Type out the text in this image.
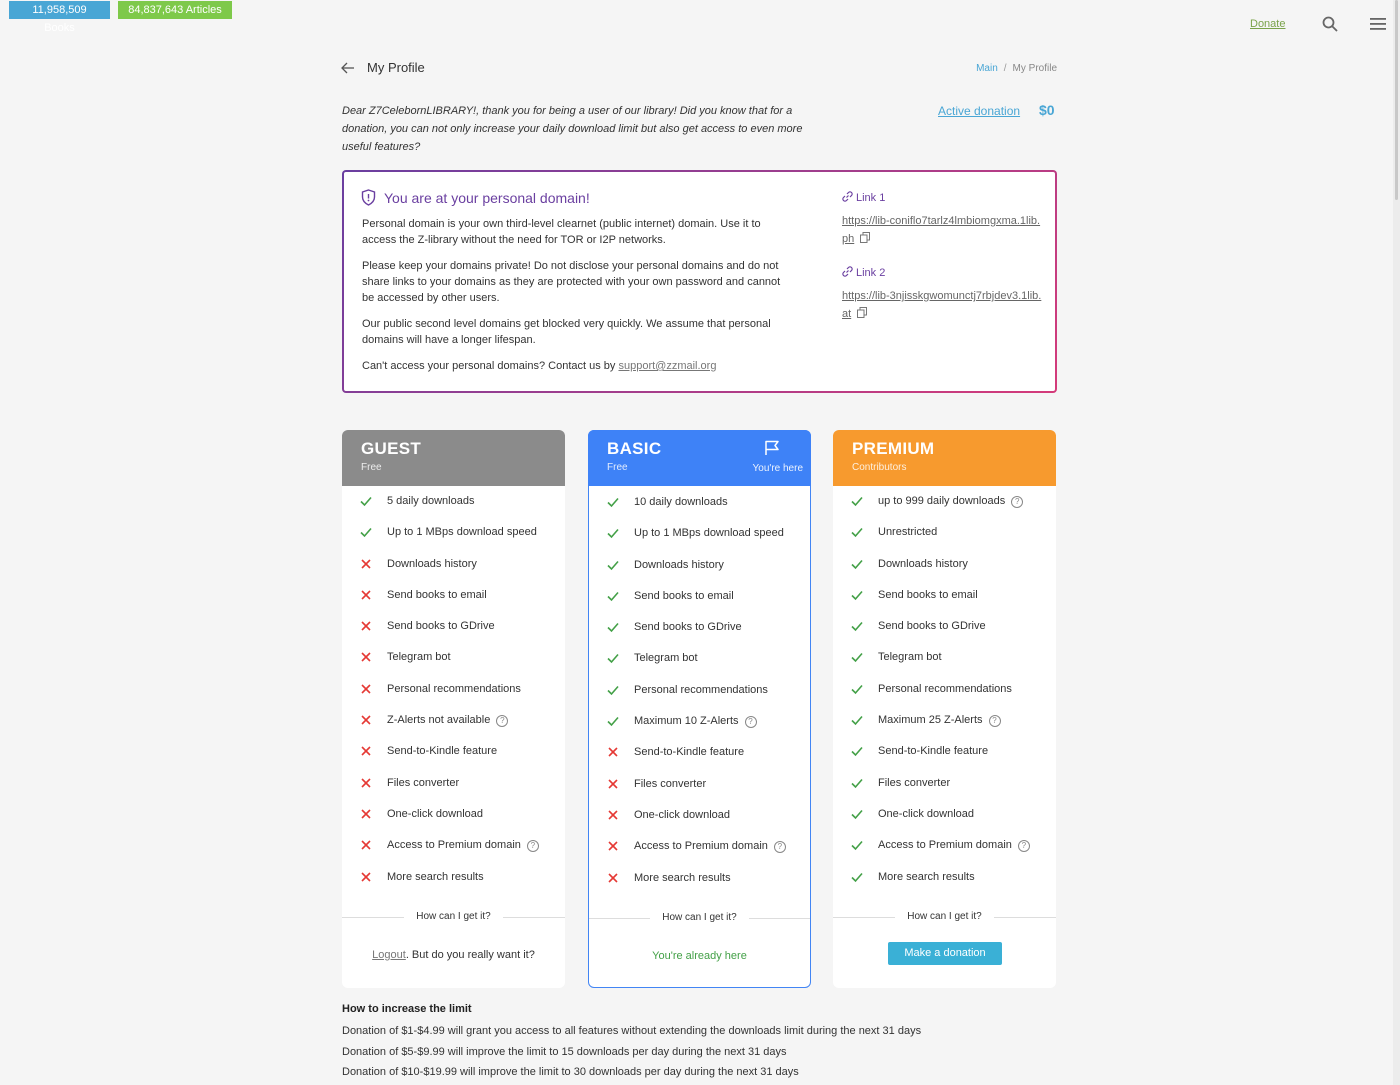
11,958,509 Books
84,837,643 Articles
Donate
My Profile	Main / My Profile

Dear Z7CelebornLIBRARY!, thank you for being a user of our library! Did you know that for a donation, you can not only increase your daily download limit but also get access to even more useful features?

Active donation $0
You are at your personal domain!

Personal domain is your own third-level clearnet (public internet) domain. Use it to access the Z-library without the need for TOR or I2P networks.

Please keep your domains private! Do not disclose your personal domains and do not share links to your domains as they are protected with your own password and cannot be accessed by other users.

Our public second level domains get blocked very quickly. We assume that personal domains will have a longer lifespan.

Can't access your personal domains? Contact us by support@zzmail.org

Link 1
https://lib-coniflo7tarlz4lmbiomgxma.1lib.ph
Link 2
https://lib-3njisskgwomunctj7rbjdev3.1lib.at
GUEST
Free
5 daily downloads
Up to 1 MBps download speed
Downloads history
Send books to email
Send books to GDrive
Telegram bot
Personal recommendations
Z-Alerts not available ?
Send-to-Kindle feature
Files converter
One-click download
Access to Premium domain ?
More search results
How can I get it?
Logout. But do you really want it?
BASIC
Free	You're here
10 daily downloads
Up to 1 MBps download speed
Downloads history
Send books to email
Send books to GDrive
Telegram bot
Personal recommendations
Maximum 10 Z-Alerts ?
Send-to-Kindle feature
Files converter
One-click download
Access to Premium domain ?
More search results
How can I get it?
You're already here
PREMIUM
Contributors
up to 999 daily downloads ?
Unrestricted
Downloads history
Send books to email
Send books to GDrive
Telegram bot
Personal recommendations
Maximum 25 Z-Alerts ?
Send-to-Kindle feature
Files converter
One-click download
Access to Premium domain ?
More search results
How can I get it?
Make a donation
How to increase the limit

Donation of $1-$4.99 will grant you access to all features without extending the downloads limit during the next 31 days

Donation of $5-$9.99 will improve the limit to 15 downloads per day during the next 31 days

Donation of $10-$19.99 will improve the limit to 30 downloads per day during the next 31 days
